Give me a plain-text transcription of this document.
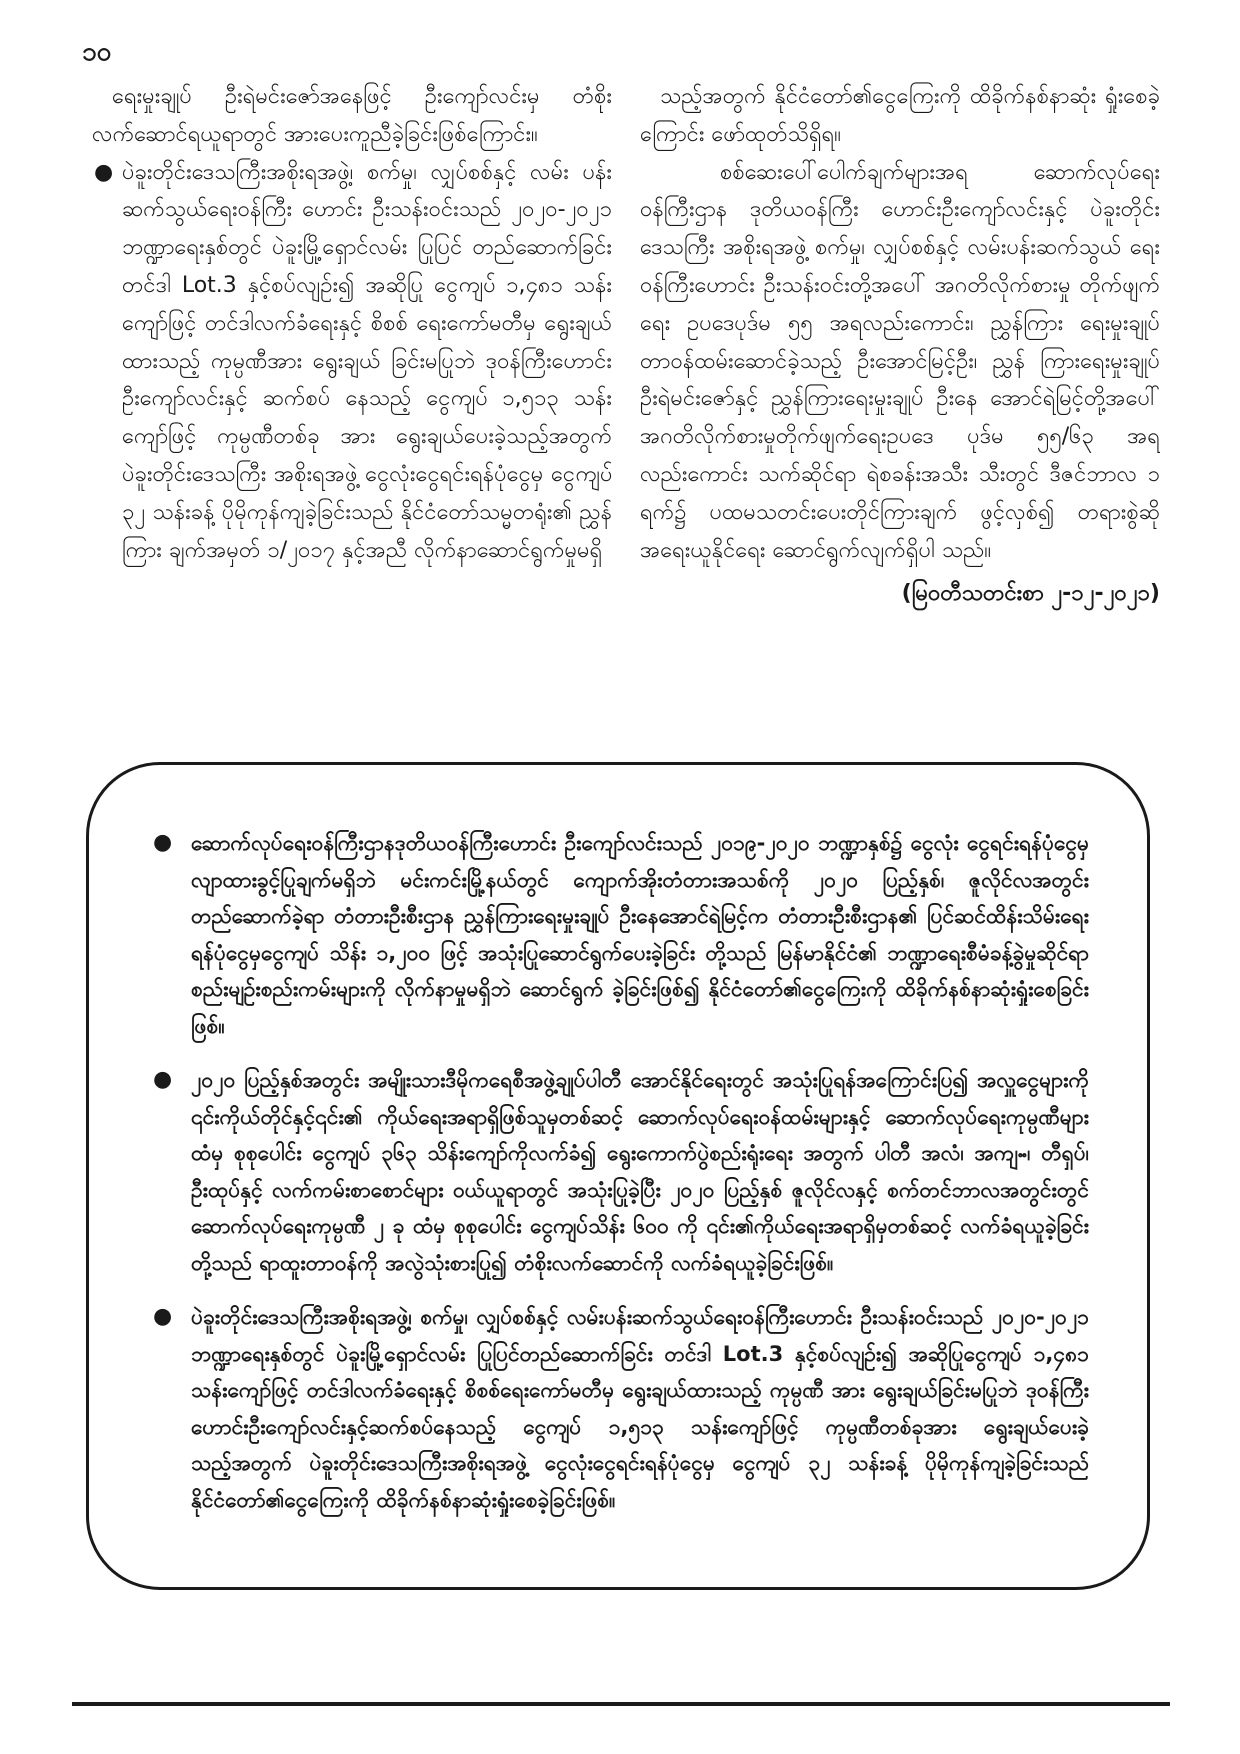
၁၀

ရေးမှုးချုပ် ဦးရဲမင်းဇော်အနေဖြင့် ဦးကျော်လင်းမှ တံစိုး လက်ဆောင်ရယူရာတွင် အားပေးကူညီခဲ့ခြင်းဖြစ်ကြောင်း။

● ပဲခူးတိုင်းဒေသကြီးအစိုးရအဖွဲ့၊ စက်မှု၊ လျှပ်စစ်နှင့် လမ်း ပန်းဆက်သွယ်ရေးဝန်ကြီး ဟောင်း ဦးသန်းဝင်းသည် ၂၀၂၀-၂၀၂၁ ဘဏ္ဍာရေးနှစ်တွင် ပဲခူးမြို့ရှောင်လမ်း ပြုပြင် တည်ဆောက်ခြင်း တင်ဒါ Lot.3 နှင့်စပ်လျဉ်း၍ အဆိုပြု ငွေကျပ် ၁,၄၈၁ သန်းကျော်ဖြင့် တင်ဒါလက်ခံရေးနှင့် စိစစ် ရေးကော်မတီမှ ရွေးချယ်ထားသည့် ကုမ္ပဏီအား ရွေးချယ် ခြင်းမပြုဘဲ ဒုဝန်ကြီးဟောင်း ဦးကျော်လင်းနှင့် ဆက်စပ် နေသည့် ငွေကျပ် ၁,၅၁၃ သန်းကျော်ဖြင့် ကုမ္ပဏီတစ်ခု အား ရွေးချယ်ပေးခဲ့သည့်အတွက် ပဲခူးတိုင်းဒေသကြီး အစိုးရအဖွဲ့ ငွေလုံးငွေရင်းရန်ပုံငွေမှ ငွေကျပ် ၃၂ သန်းခန့် ပိုမိုကုန်ကျခဲ့ခြင်းသည် နိုင်ငံတော်သမ္မတရုံး၏ ညွှန်ကြား ချက်အမှတ် ၁/၂၀၁၇ နှင့်အညီ လိုက်နာဆောင်ရွက်မှုမရှိ

သည့်အတွက် နိုင်ငံတော်၏ငွေကြေးကို ထိခိုက်နစ်နာဆုံး ရှုံးစေခဲ့ကြောင်း ဖော်ထုတ်သိရှိရ။

စစ်ဆေးပေါ်ပေါက်ချက်များအရ ဆောက်လုပ်ရေး ဝန်ကြီးဌာန ဒုတိယဝန်ကြီး ဟောင်းဦးကျော်လင်းနှင့် ပဲခူးတိုင်း ဒေသကြီး အစိုးရအဖွဲ့ စက်မှု၊ လျှပ်စစ်နှင့် လမ်းပန်းဆက်သွယ် ရေးဝန်ကြီးဟောင်း ဦးသန်းဝင်းတို့အပေါ် အဂတိလိုက်စားမှု တိုက်ဖျက်ရေး ဥပဒေပုဒ်မ ၅၅ အရလည်းကောင်း၊ ညွှန်ကြား ရေးမှုးချုပ် တာဝန်ထမ်းဆောင်ခဲ့သည့် ဦးအောင်မြင့်ဦး၊ ညွှန် ကြားရေးမှုးချုပ် ဦးရဲမင်းဇော်နှင့် ညွှန်ကြားရေးမှုးချုပ် ဦးနေ အောင်ရဲမြင့်တို့အပေါ် အဂတိလိုက်စားမှုတိုက်ဖျက်ရေးဥပဒေ ပုဒ်မ ၅၅/၆၃ အရ လည်းကောင်း သက်ဆိုင်ရာ ရဲစခန်းအသီး သီးတွင် ဒီဇင်ဘာလ ၁ ရက်၌ ပထမသတင်းပေးတိုင်ကြားချက် ဖွင့်လှစ်၍ တရားစွဲဆိုအရေးယူနိုင်ရေး ဆောင်ရွက်လျက်ရှိပါ သည်။

(မြဝတီသတင်းစာ ၂-၁၂-၂၀၂၁)

● ဆောက်လုပ်ရေးဝန်ကြီးဌာနဒုတိယဝန်ကြီးဟောင်း ဦးကျော်လင်းသည် ၂၀၁၉-၂၀၂၀ ဘဏ္ဍာနှစ်၌ ငွေလုံး ငွေရင်းရန်ပုံငွေမှ လျာထားခွင့်ပြုချက်မရှိဘဲ မင်းကင်းမြို့နယ်တွင် ကျောက်အိုးတံတားအသစ်ကို ၂၀၂၀ ပြည့်နှစ်၊ ဇူလိုင်လအတွင်း တည်ဆောက်ခဲ့ရာ တံတားဦးစီးဌာန ညွှန်ကြားရေးမှုးချုပ် ဦးနေအောင်ရဲမြင့်က တံတားဦးစီးဌာန၏ ပြင်ဆင်ထိန်းသိမ်းရေးရန်ပုံငွေမှငွေကျပ် သိန်း ၁,၂၀၀ ဖြင့် အသုံးပြုဆောင်ရွက်ပေးခဲ့ခြင်း တို့သည် မြန်မာနိုင်ငံ၏ ဘဏ္ဍာရေးစီမံခန့်ခွဲမှုဆိုင်ရာ စည်းမျဉ်းစည်းကမ်းများကို လိုက်နာမှုမရှိဘဲ ဆောင်ရွက် ခဲ့ခြင်းဖြစ်၍ နိုင်ငံတော်၏ငွေကြေးကို ထိခိုက်နစ်နာဆုံးရှုံးစေခြင်းဖြစ်။
● ၂၀၂၀ ပြည့်နှစ်အတွင်း အမျိုးသားဒီမိုကရေစီအဖွဲ့ချုပ်ပါတီ အောင်နိုင်ရေးတွင် အသုံးပြုရန်အကြောင်းပြ၍ အလှူငွေများကို ၎င်းကိုယ်တိုင်နှင့်၎င်း၏ ကိုယ်ရေးအရာရှိဖြစ်သူမှတစ်ဆင့် ဆောက်လုပ်ရေးဝန်ထမ်းများနှင့် ဆောက်လုပ်ရေးကုမ္ပဏီများထံမှ စုစုပေါင်း ငွေကျပ် ၃၆၃ သိန်းကျော်ကိုလက်ခံ၍ ရွေးကောက်ပွဲစည်းရုံးရေး အတွက် ပါတီ အလံ၊ အကျႌ၊ တီရှပ်၊ ဦးထုပ်နှင့် လက်ကမ်းစာစောင်များ ဝယ်ယူရာတွင် အသုံးပြုခဲ့ပြီး ၂၀၂၀ ပြည့်နှစ် ဇူလိုင်လနှင့် စက်တင်ဘာလအတွင်းတွင် ဆောက်လုပ်ရေးကုမ္ပဏီ ၂ ခု ထံမှ စုစုပေါင်း ငွေကျပ်သိန်း ၆၀၀ ကို ၎င်း၏ကိုယ်ရေးအရာရှိမှတစ်ဆင့် လက်ခံရယူခဲ့ခြင်းတို့သည် ရာထူးတာဝန်ကို အလွဲသုံးစားပြု၍ တံစိုးလက်ဆောင်ကို လက်ခံရယူခဲ့ခြင်းဖြစ်။
● ပဲခူးတိုင်းဒေသကြီးအစိုးရအဖွဲ့၊ စက်မှု၊ လျှပ်စစ်နှင့် လမ်းပန်းဆက်သွယ်ရေးဝန်ကြီးဟောင်း ဦးသန်းဝင်းသည် ၂၀၂၀-၂၀၂၁ ဘဏ္ဍာရေးနှစ်တွင် ပဲခူးမြို့ရှောင်လမ်း ပြုပြင်တည်ဆောက်ခြင်း တင်ဒါ Lot.3 နှင့်စပ်လျဉ်း၍ အဆိုပြုငွေကျပ် ၁,၄၈၁ သန်းကျော်ဖြင့် တင်ဒါလက်ခံရေးနှင့် စိစစ်ရေးကော်မတီမှ ရွေးချယ်ထားသည့် ကုမ္ပဏီ အား ရွေးချယ်ခြင်းမပြုဘဲ ဒုဝန်ကြီးဟောင်းဦးကျော်လင်းနှင့်ဆက်စပ်နေသည့် ငွေကျပ် ၁,၅၁၃ သန်းကျော်ဖြင့် ကုမ္ပဏီတစ်ခုအား ရွေးချယ်ပေးခဲ့သည့်အတွက် ပဲခူးတိုင်းဒေသကြီးအစိုးရအဖွဲ့ ငွေလုံးငွေရင်းရန်ပုံငွေမှ ငွေကျပ် ၃၂ သန်းခန့် ပိုမိုကုန်ကျခဲ့ခြင်းသည် နိုင်ငံတော်၏ငွေကြေးကို ထိခိုက်နစ်နာဆုံးရှုံးစေခဲ့ခြင်းဖြစ်။
